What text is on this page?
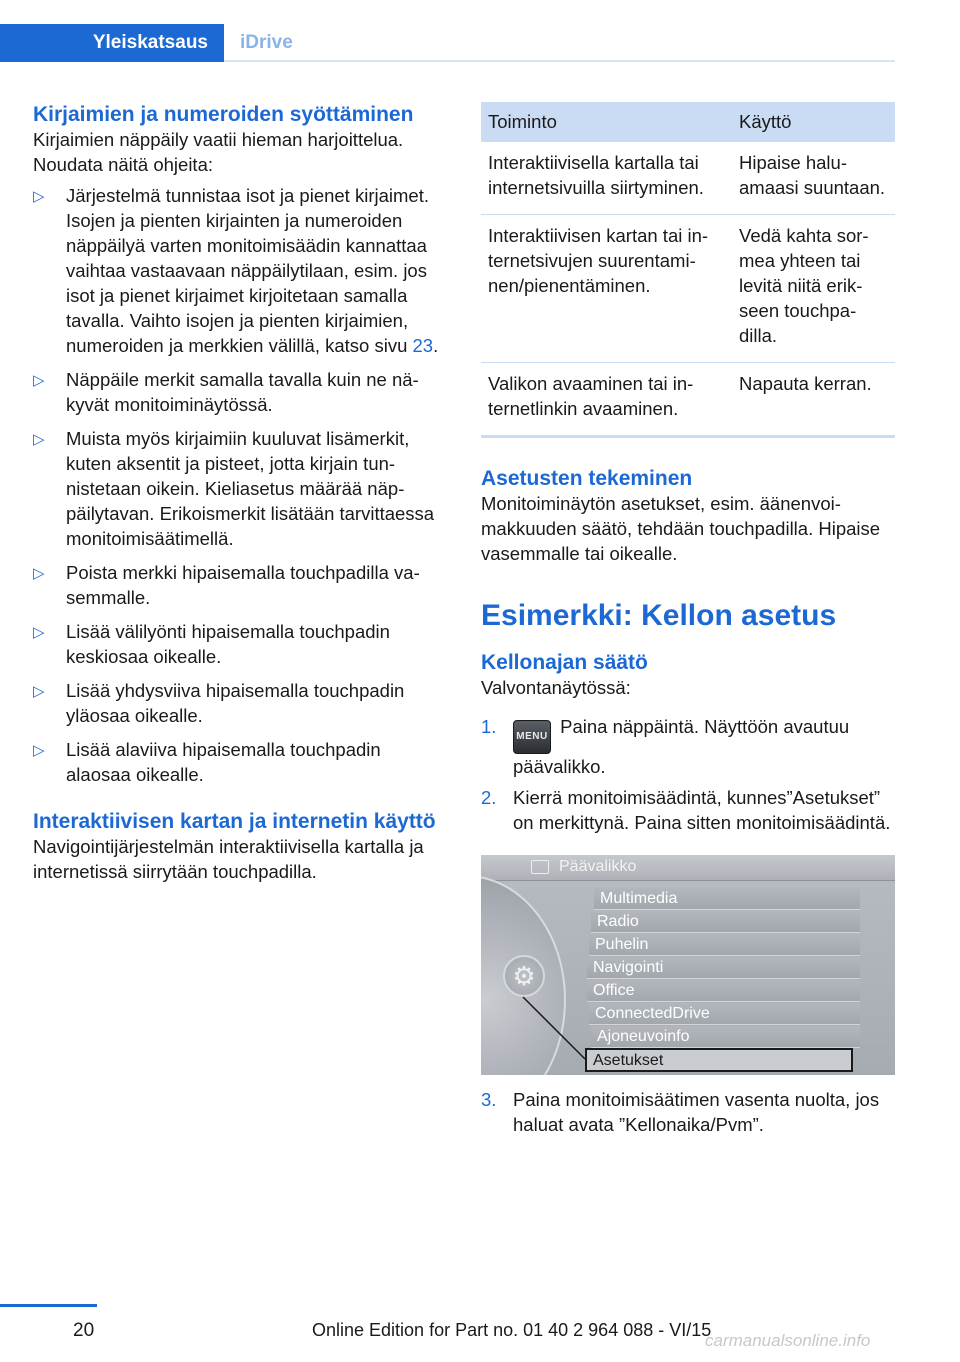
Yleiskatsaus iDrive
Kirjaimien ja numeroiden syöttäminen

Kirjaimien näppäily vaatii hieman harjoittelua. Noudata näitä ohjeita:

▷ Järjestelmä tunnistaa isot ja pienet kirjaimet. Isojen ja pienten kirjainten ja numeroiden näppäilyä varten monitoimisäädin kannattaa vaihtaa vastaavaan näppäilytilaan, esim. jos isot ja pienet kirjaimet kirjoitetaan samalla tavalla. Vaihto isojen ja pienten kirjaimien, numeroiden ja merkkien välillä, katso sivu 23.
▷ Näppäile merkit samalla tavalla kuin ne näkyvät monitoiminäytössä.
▷ Muista myös kirjaimiin kuuluvat lisämerkit, kuten aksentit ja pisteet, jotta kirjain tunnistetaan oikein. Kieliasetus määrää näppäilytavan. Erikoismerkit lisätään tarvittaessa monitoimisäätimellä.
▷ Poista merkki hipaisemalla touchpadilla vasemmalle.
▷ Lisää välilyönti hipaisemalla touchpadin keskiosaa oikealle.
▷ Lisää yhdysviiva hipaisemalla touchpadin yläosaa oikealle.
▷ Lisää alaviiva hipaisemalla touchpadin alaosaa oikealle.
Interaktiivisen kartan ja internetin käyttö

Navigointijärjestelmän interaktiivisella kartalla ja internetissä siirrytään touchpadilla.

Toiminto	Käyttö
Interaktiivisella kartalla tai internetsivuilla siirtyminen.	Hipaise haluamaasi suuntaan.
Interaktiivisen kartan tai internetsivujen suurentaminen/pienentäminen.	Vedä kahta sormea yhteen tai levitä niitä erikseen touchpadilla.
Valikon avaaminen tai internetlinkin avaaminen.	Napauta kerran.
Asetusten tekeminen

Monitoiminäytön asetukset, esim. äänenvoimakkuuden säätö, tehdään touchpadilla. Hipaise vasemmalle tai oikealle.

Esimerkki: Kellon asetus
Kellonajan säätö

Valvontanäytössä:

1. MENU Paina näppäintä. Näyttöön avautuu päävalikko.
2. Kierrä monitoimisäädintä, kunnes”Asetukset” on merkittynä. Paina sitten monitoimisäädintä.
Päävalikko
⚙
Multimedia
Radio
Puhelin
Navigointi
Office
ConnectedDrive
Ajoneuvoinfo
Asetukset
3. Paina monitoimisäätimen vasenta nuolta, jos haluat avata ”Kellonaika/Pvm”.
20	Online Edition for Part no. 01 40 2 964 088 - VI/15
carmanualsonline.info
